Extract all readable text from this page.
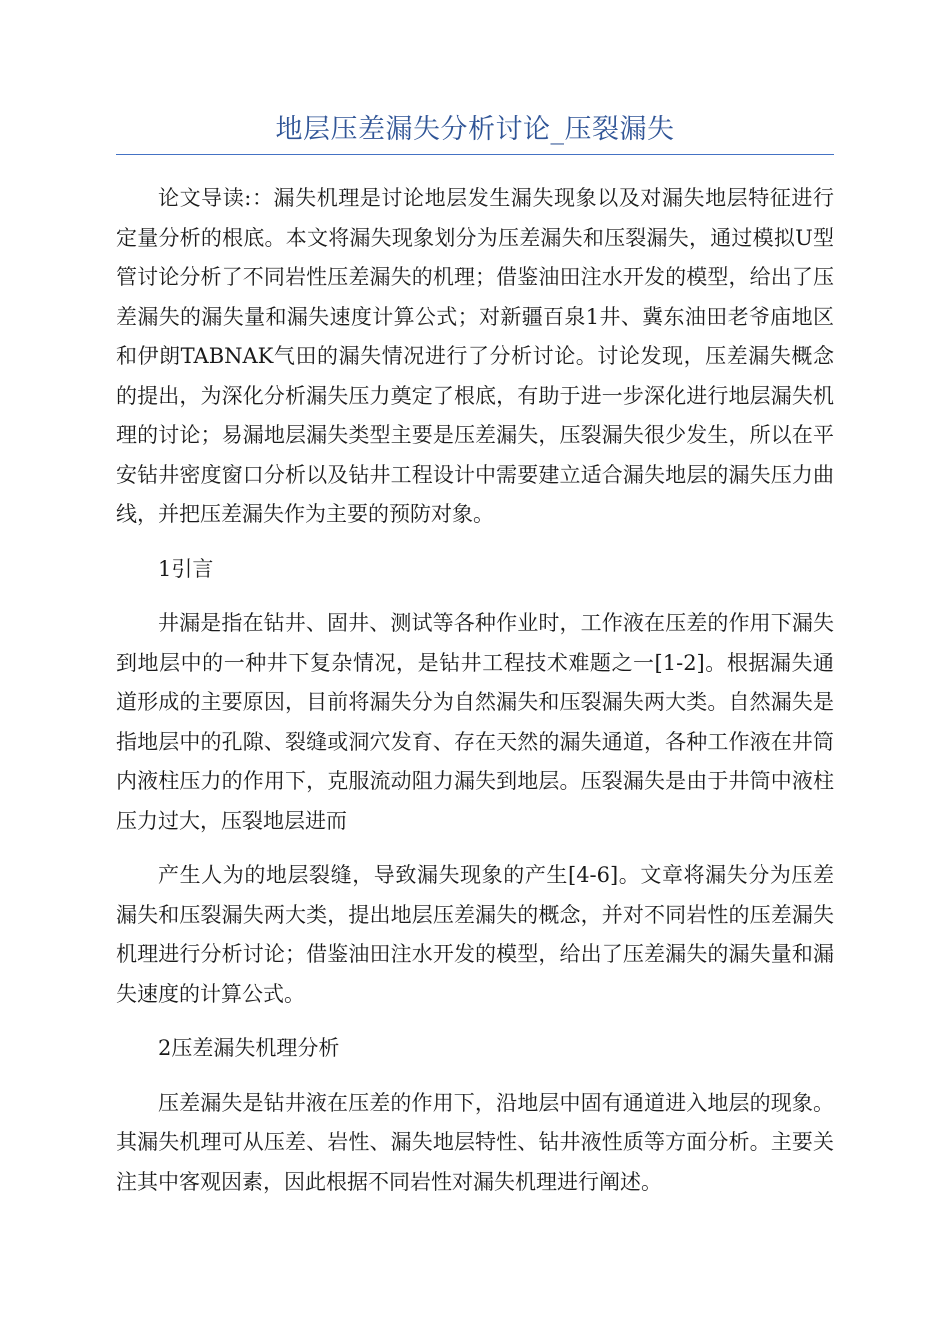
地层压差漏失分析讨论_压裂漏失

论文导读:：漏失机理是讨论地层发生漏失现象以及对漏失地层特征进行定量分析的根底。本文将漏失现象划分为压差漏失和压裂漏失，通过模拟U型管讨论分析了不同岩性压差漏失的机理；借鉴油田注水开发的模型，给出了压差漏失的漏失量和漏失速度计算公式；对新疆百泉1井、冀东油田老爷庙地区和伊朗TABNAK气田的漏失情况进行了分析讨论。讨论发现，压差漏失概念的提出，为深化分析漏失压力奠定了根底，有助于进一步深化进行地层漏失机理的讨论；易漏地层漏失类型主要是压差漏失，压裂漏失很少发生，所以在平安钻井密度窗口分析以及钻井工程设计中需要建立适合漏失地层的漏失压力曲线，并把压差漏失作为主要的预防对象。

1引言

井漏是指在钻井、固井、测试等各种作业时，工作液在压差的作用下漏失到地层中的一种井下复杂情况，是钻井工程技术难题之一[1-2]。根据漏失通道形成的主要原因，目前将漏失分为自然漏失和压裂漏失两大类。自然漏失是指地层中的孔隙、裂缝或洞穴发育、存在天然的漏失通道，各种工作液在井筒内液柱压力的作用下，克服流动阻力漏失到地层。压裂漏失是由于井筒中液柱压力过大，压裂地层进而

产生人为的地层裂缝，导致漏失现象的产生[4-6]。文章将漏失分为压差漏失和压裂漏失两大类，提出地层压差漏失的概念，并对不同岩性的压差漏失机理进行分析讨论；借鉴油田注水开发的模型，给出了压差漏失的漏失量和漏失速度的计算公式。

2压差漏失机理分析

压差漏失是钻井液在压差的作用下，沿地层中固有通道进入地层的现象。其漏失机理可从压差、岩性、漏失地层特性、钻井液性质等方面分析。主要关注其中客观因素，因此根据不同岩性对漏失机理进行阐述。
